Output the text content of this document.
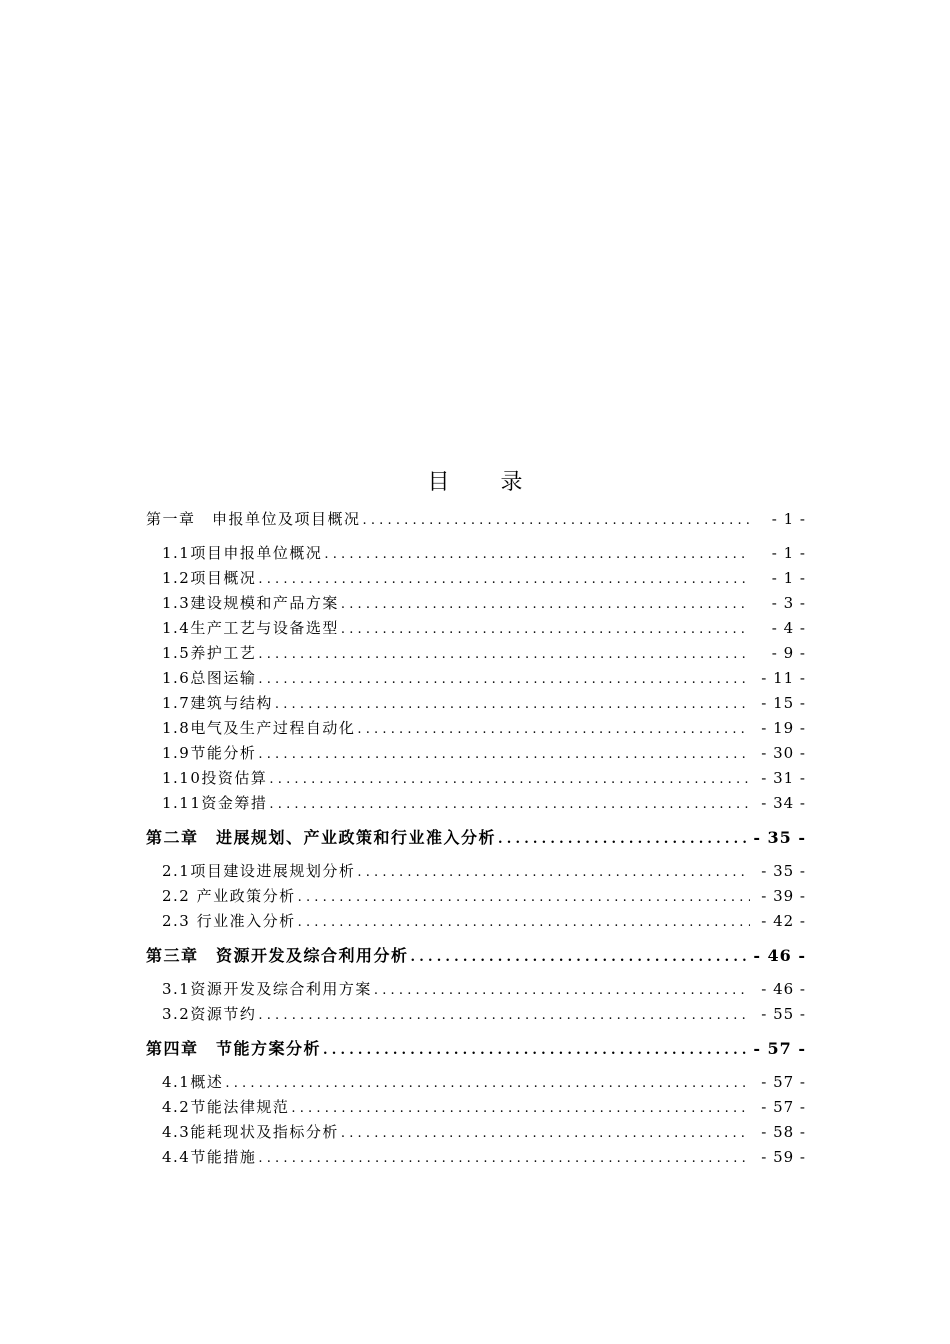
目 录
第一章　申报单位及项目概况 .....	- 1 -
1.1项目申报单位概况 .....	- 1 -
1.2项目概况 .....	- 1 -
1.3建设规模和产品方案 .....	- 3 -
1.4生产工艺与设备选型 .....	- 4 -
1.5养护工艺 .....	- 9 -
1.6总图运输 .....	- 11 -
1.7建筑与结构 .....	- 15 -
1.8电气及生产过程自动化 .....	- 19 -
1.9节能分析 .....	- 30 -
1.10投资估算 .....	- 31 -
1.11资金筹措 .....	- 34 -
第二章　进展规划、产业政策和行业准入分析 .....	- 35 -
2.1项目建设进展规划分析 .....	- 35 -
2.2 产业政策分析 .....	- 39 -
2.3 行业准入分析 .....	- 42 -
第三章　资源开发及综合利用分析 .....	- 46 -
3.1资源开发及综合利用方案 .....	- 46 -
3.2资源节约 .....	- 55 -
第四章　节能方案分析 .....	- 57 -
4.1概述 .....	- 57 -
4.2节能法律规范 .....	- 57 -
4.3能耗现状及指标分析 .....	- 58 -
4.4节能措施 .....	- 59 -
